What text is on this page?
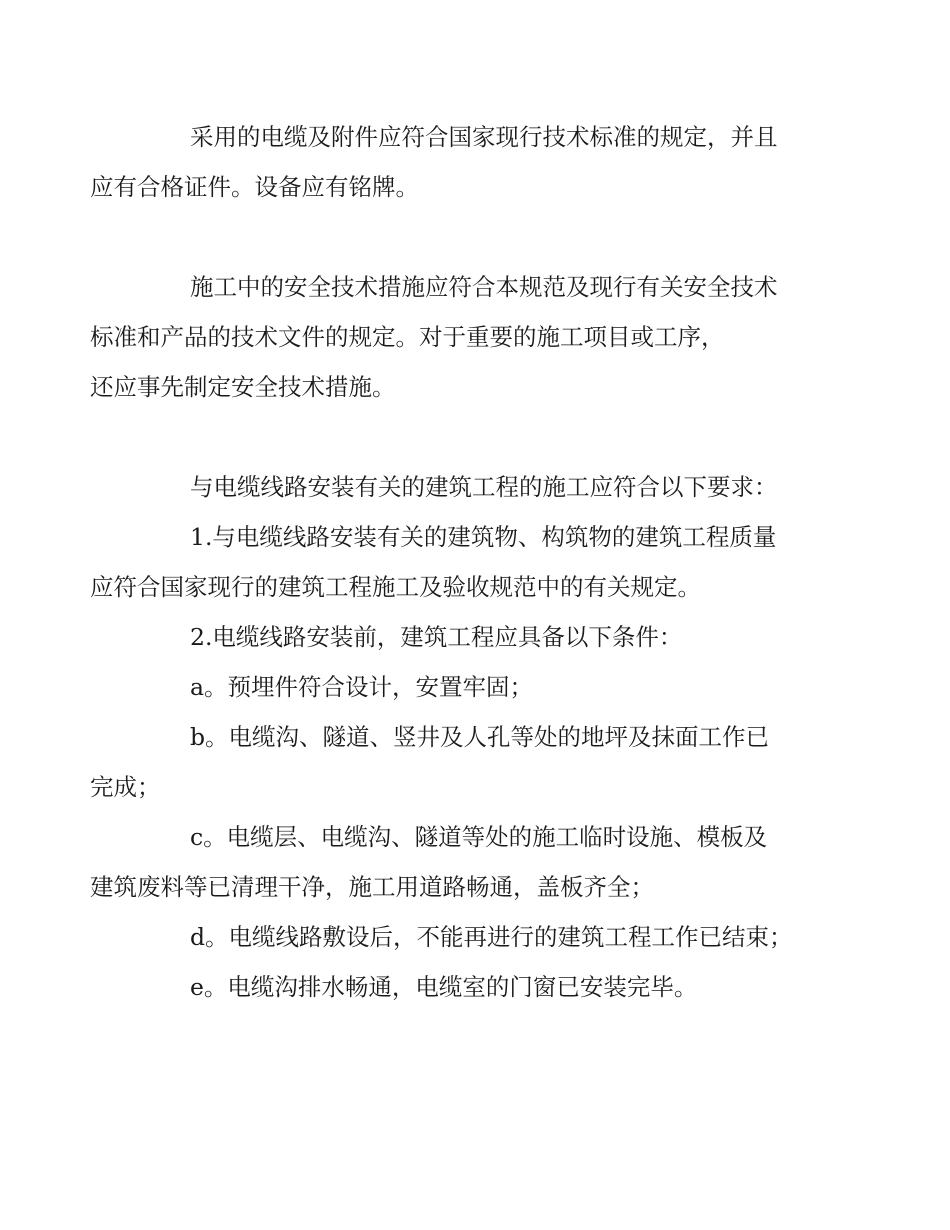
采用的电缆及附件应符合国家现行技术标准的规定，并且
应有合格证件。设备应有铭牌。

施工中的安全技术措施应符合本规范及现行有关安全技术
标准和产品的技术文件的规定。对于重要的施工项目或工序，
还应事先制定安全技术措施。

与电缆线路安装有关的建筑工程的施工应符合以下要求：

1.与电缆线路安装有关的建筑物、构筑物的建筑工程质量
应符合国家现行的建筑工程施工及验收规范中的有关规定。

2.电缆线路安装前，建筑工程应具备以下条件：

a。预埋件符合设计，安置牢固；

b。电缆沟、隧道、竖井及人孔等处的地坪及抹面工作已
完成；

c。电缆层、电缆沟、隧道等处的施工临时设施、模板及
建筑废料等已清理干净，施工用道路畅通，盖板齐全；

d。电缆线路敷设后，不能再进行的建筑工程工作已结束；

e。电缆沟排水畅通，电缆室的门窗已安装完毕。
